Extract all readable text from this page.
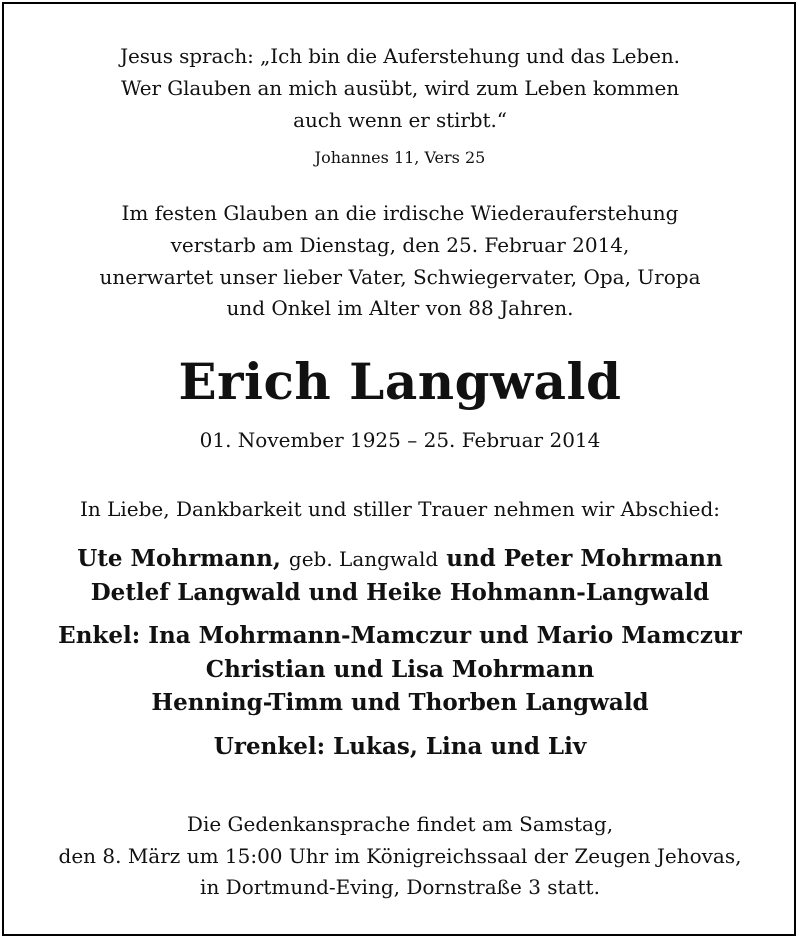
Jesus sprach: „Ich bin die Auferstehung und das Leben.
Wer Glauben an mich ausübt, wird zum Leben kommen
auch wenn er stirbt.“
Johannes 11, Vers 25
Im festen Glauben an die irdische Wiederauferstehung
verstarb am Dienstag, den 25. Februar 2014,
unerwartet unser lieber Vater, Schwiegervater, Opa, Uropa
und Onkel im Alter von 88 Jahren.
Erich Langwald
01. November 1925 – 25. Februar 2014
In Liebe, Dankbarkeit und stiller Trauer nehmen wir Abschied:
Ute Mohrmann, geb. Langwald und Peter Mohrmann
Detlef Langwald und Heike Hohmann-Langwald
Enkel: Ina Mohrmann-Mamczur und Mario Mamczur
Christian und Lisa Mohrmann
Henning-Timm und Thorben Langwald
Urenkel: Lukas, Lina und Liv
Die Gedenkansprache findet am Samstag,
den 8. März um 15:00 Uhr im Königreichssaal der Zeugen Jehovas,
in Dortmund-Eving, Dornstraße 3 statt.
